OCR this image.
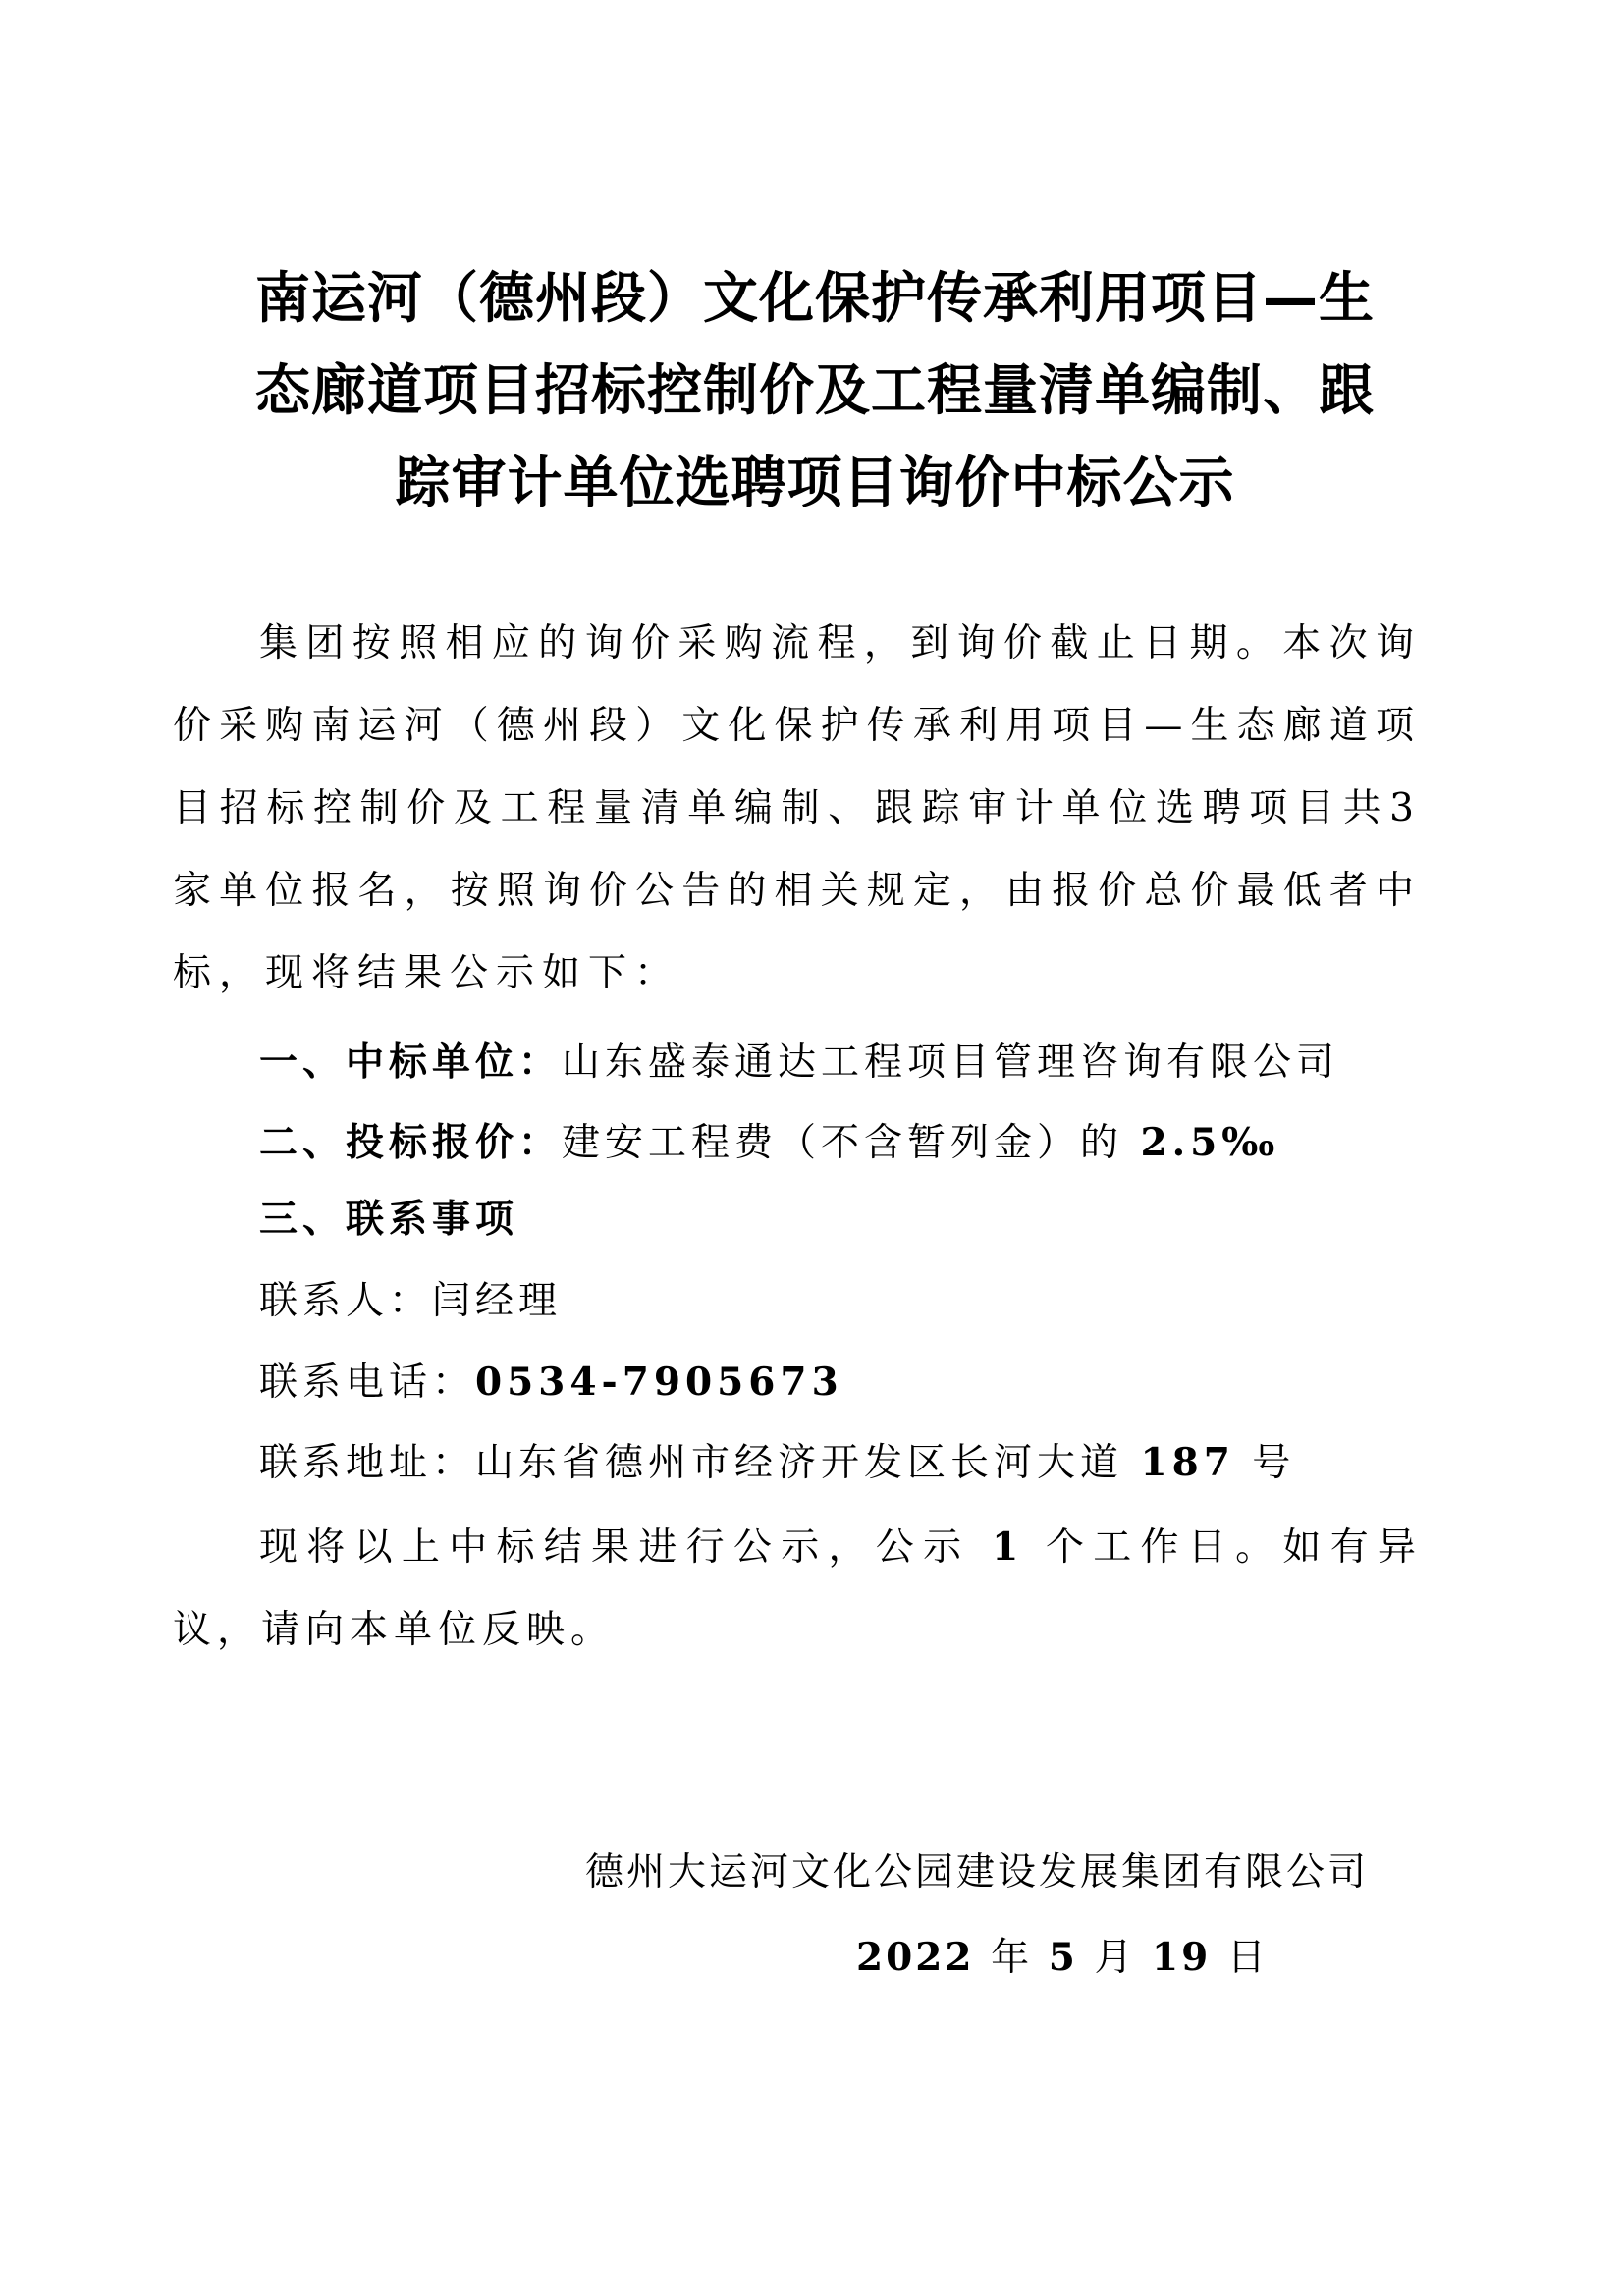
南运河（德州段）文化保护传承利用项目—生
态廊道项目招标控制价及工程量清单编制、跟
踪审计单位选聘项目询价中标公示
集团按照相应的询价采购流程，到询价截止日期。本次询价采购南运河（德州段）文化保护传承利用项目—生态廊道项目招标控制价及工程量清单编制、跟踪审计单位选聘项目共3家单位报名，按照询价公告的相关规定，由报价总价最低者中标，现将结果公示如下：
一、中标单位：山东盛泰通达工程项目管理咨询有限公司
二、投标报价：建安工程费（不含暂列金）的 2.5‰
三、联系事项
联系人：闫经理
联系电话：0534-7905673
联系地址：山东省德州市经济开发区长河大道 187 号
现将以上中标结果进行公示，公示 1 个工作日。如有异议，请向本单位反映。
德州大运河文化公园建设发展集团有限公司
2022 年 5 月 19 日
